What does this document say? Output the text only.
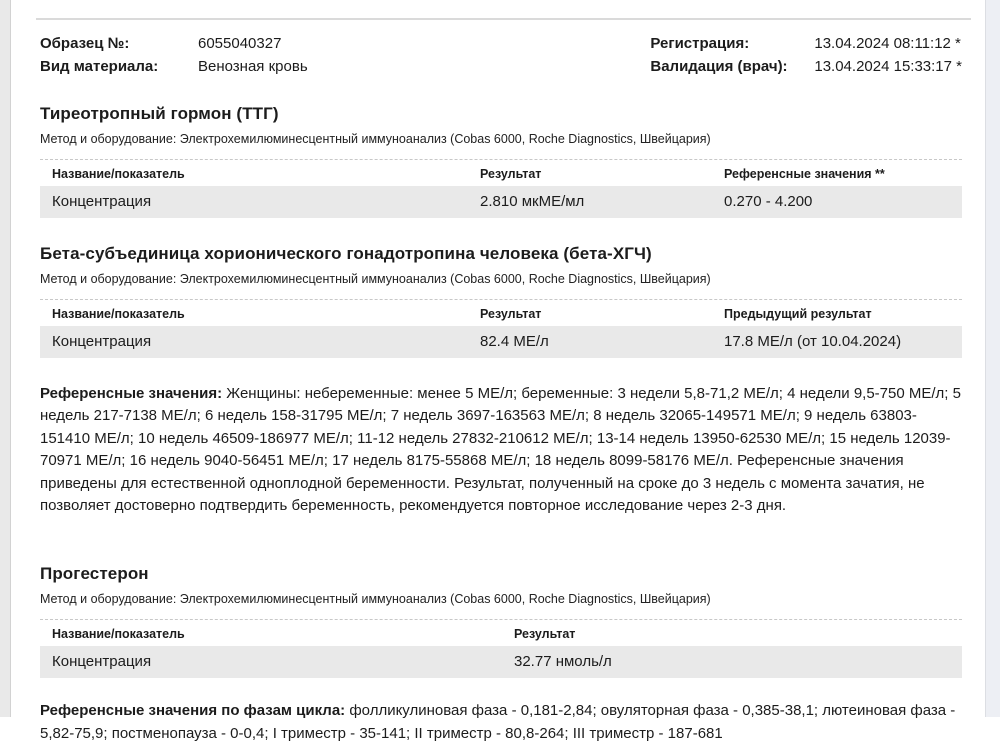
Образец №:	6055040327
Вид материала:	Венозная кровь
Регистрация:	13.04.2024 08:11:12 *
Валидация (врач):	13.04.2024 15:33:17 *
Тиреотропный гормон (ТТГ)
Метод и оборудование: Электрохемилюминесцентный иммуноанализ (Cobas 6000, Roche Diagnostics, Швейцария)
Название/показатель	Результат	Референсные значения **
Концентрация	2.810 мкМЕ/мл	0.270 - 4.200
Бета-субъединица хорионического гонадотропина человека (бета-ХГЧ)
Метод и оборудование: Электрохемилюминесцентный иммуноанализ (Cobas 6000, Roche Diagnostics, Швейцария)
Название/показатель	Результат	Предыдущий результат
Концентрация	82.4 МЕ/л	17.8 МЕ/л (от 10.04.2024)
Референсные значения: Женщины: небеременные: менее 5 МЕ/л; беременные: 3 недели 5,8-71,2 МЕ/л; 4 недели 9,5-750 МЕ/л; 5 недель 217-7138 МЕ/л; 6 недель 158-31795 МЕ/л; 7 недель 3697-163563 МЕ/л; 8 недель 32065-149571 МЕ/л; 9 недель 63803-151410 МЕ/л; 10 недель 46509-186977 МЕ/л; 11-12 недель 27832-210612 МЕ/л; 13-14 недель 13950-62530 МЕ/л; 15 недель 12039-70971 МЕ/л; 16 недель 9040-56451 МЕ/л; 17 недель 8175-55868 МЕ/л; 18 недель 8099-58176 МЕ/л. Референсные значения приведены для естественной одноплодной беременности. Результат, полученный на сроке до 3 недель с момента зачатия, не позволяет достоверно подтвердить беременность, рекомендуется повторное исследование через 2-3 дня.
Прогестерон
Метод и оборудование: Электрохемилюминесцентный иммуноанализ (Cobas 6000, Roche Diagnostics, Швейцария)
Название/показатель	Результат
Концентрация	32.77 нмоль/л
Референсные значения по фазам цикла: фолликулиновая фаза - 0,181-2,84; овуляторная фаза - 0,385-38,1; лютеиновая фаза - 5,82-75,9; постменопауза - 0-0,4; I триместр - 35-141; II триместр - 80,8-264; III триместр - 187-681
